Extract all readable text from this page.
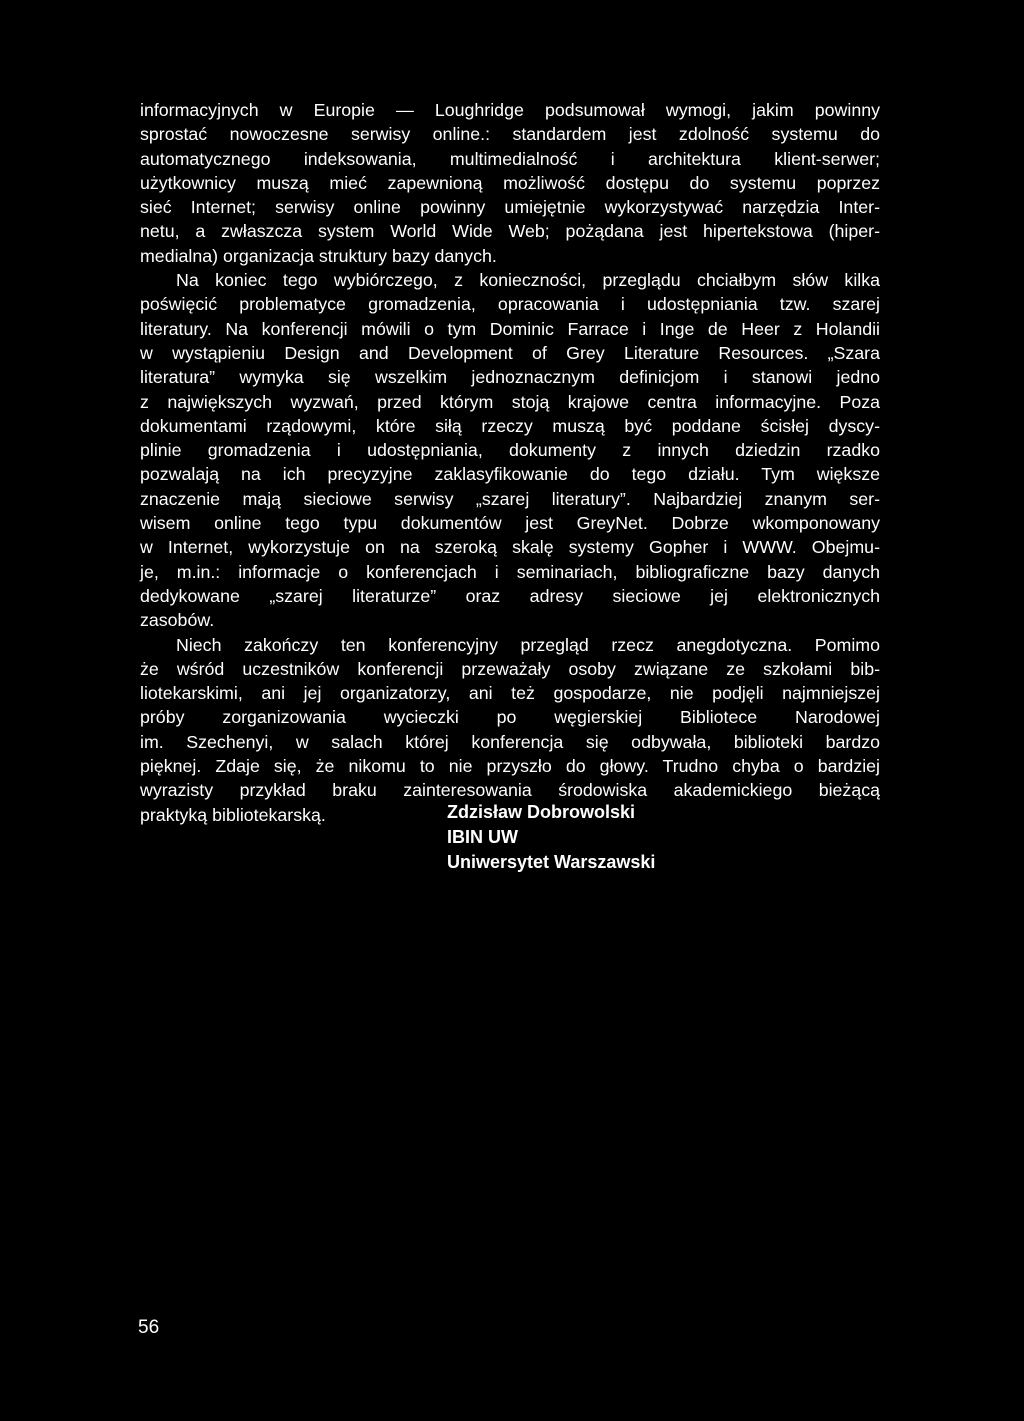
informacyjnych w Europie — Loughridge podsumował wymogi, jakim powinny
sprostać nowoczesne serwisy online.: standardem jest zdolność systemu do
automatycznego indeksowania, multimedialność i architektura klient-serwer;
użytkownicy muszą mieć zapewnioną możliwość dostępu do systemu poprzez
sieć Internet; serwisy online powinny umiejętnie wykorzystywać narzędzia Inter-
netu, a zwłaszcza system World Wide Web; pożądana jest hipertekstowa (hiper-
medialna) organizacja struktury bazy danych.
Na koniec tego wybiórczego, z konieczności, przeglądu chciałbym słów kilka
poświęcić problematyce gromadzenia, opracowania i udostępniania tzw. szarej
literatury. Na konferencji mówili o tym Dominic Farrace i Inge de Heer z Holandii
w wystąpieniu Design and Development of Grey Literature Resources. „Szara
literatura” wymyka się wszelkim jednoznacznym definicjom i stanowi jedno
z największych wyzwań, przed którym stoją krajowe centra informacyjne. Poza
dokumentami rządowymi, które siłą rzeczy muszą być poddane ścisłej dyscy-
plinie gromadzenia i udostępniania, dokumenty z innych dziedzin rzadko
pozwalają na ich precyzyjne zaklasyfikowanie do tego działu. Tym większe
znaczenie mają sieciowe serwisy „szarej literatury”. Najbardziej znanym ser-
wisem online tego typu dokumentów jest GreyNet. Dobrze wkomponowany
w Internet, wykorzystuje on na szeroką skalę systemy Gopher i WWW. Obejmu-
je, m.in.: informacje o konferencjach i seminariach, bibliograficzne bazy danych
dedykowane „szarej literaturze” oraz adresy sieciowe jej elektronicznych
zasobów.
Niech zakończy ten konferencyjny przegląd rzecz anegdotyczna. Pomimo
że wśród uczestników konferencji przeważały osoby związane ze szkołami bib-
liotekarskimi, ani jej organizatorzy, ani też gospodarze, nie podjęli najmniejszej
próby zorganizowania wycieczki po węgierskiej Bibliotece Narodowej
im. Szechenyi, w salach której konferencja się odbywała, biblioteki bardzo
pięknej. Zdaje się, że nikomu to nie przyszło do głowy. Trudno chyba o bardziej
wyrazisty przykład braku zainteresowania środowiska akademickiego bieżącą
praktyką bibliotekarską.	Zdzisław Dobrowolski
IBIN UW
Uniwersytet Warszawski
56
